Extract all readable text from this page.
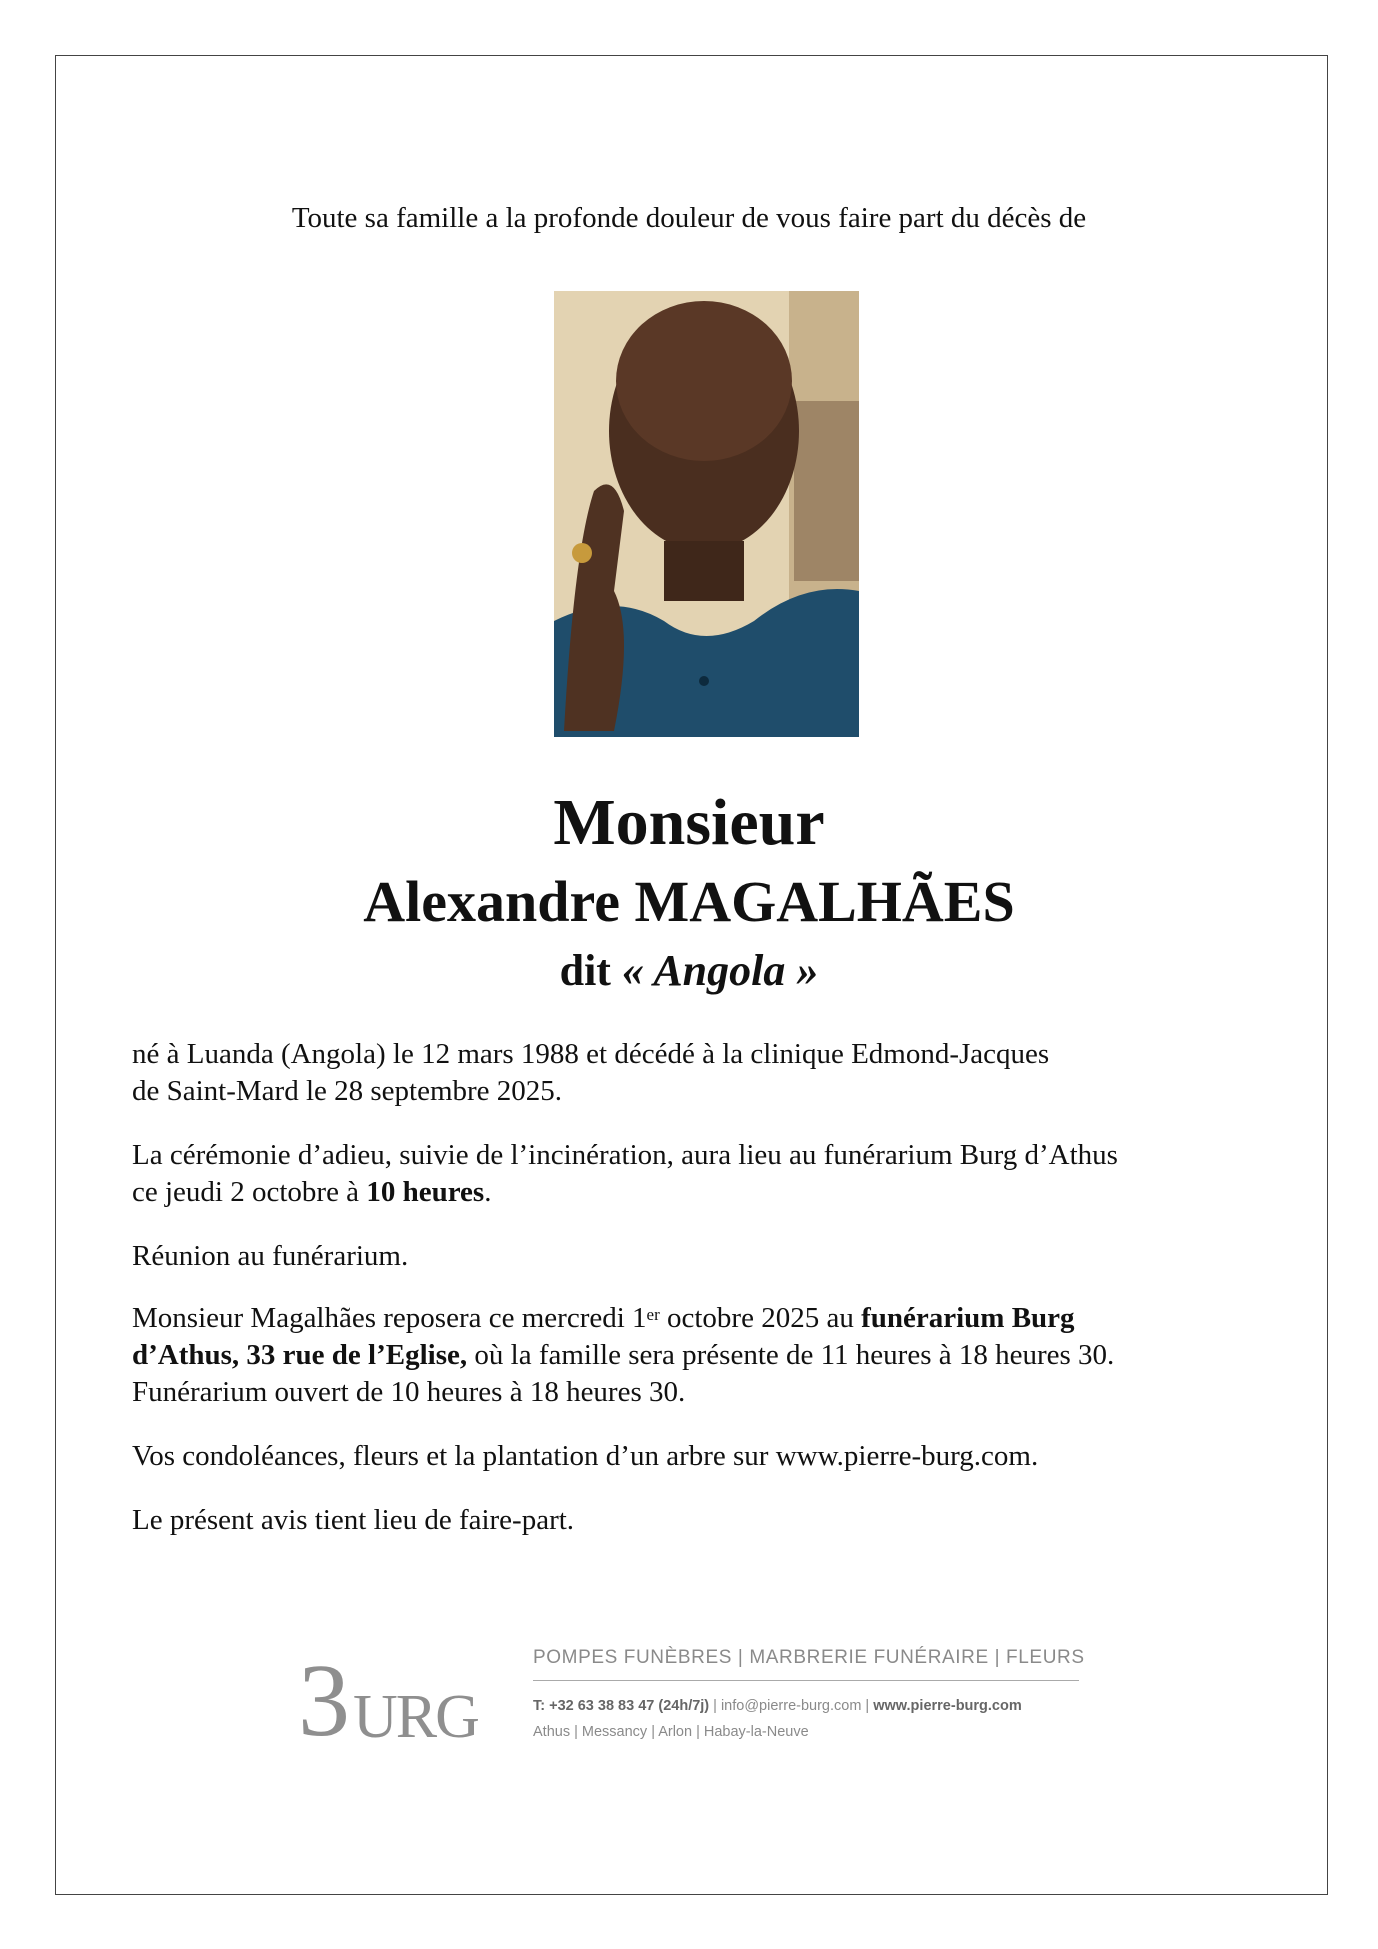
Toute sa famille a la profonde douleur de vous faire part du décès de
Monsieur
Alexandre MAGALHÃES
dit « Angola »
né à Luanda (Angola) le 12 mars 1988 et décédé à la clinique Edmond-Jacques
de Saint-Mard le 28 septembre 2025.
La cérémonie d’adieu, suivie de l’incinération, aura lieu au funérarium Burg d’Athus
ce jeudi 2 octobre à 10 heures.
Réunion au funérarium.
Monsieur Magalhães reposera ce mercredi 1er octobre 2025 au funérarium Burg
d’Athus, 33 rue de l’Eglise, où la famille sera présente de 11 heures à 18 heures 30.
Funérarium ouvert de 10 heures à 18 heures 30.
Vos condoléances, fleurs et la plantation d’un arbre sur www.pierre-burg.com.
Le présent avis tient lieu de faire-part.
3 URG
POMPES FUNÈBRES | MARBRERIE FUNÉRAIRE | FLEURS
T: +32 63 38 83 47 (24h/7j) | info@pierre-burg.com | www.pierre-burg.com
Athus | Messancy | Arlon | Habay-la-Neuve
